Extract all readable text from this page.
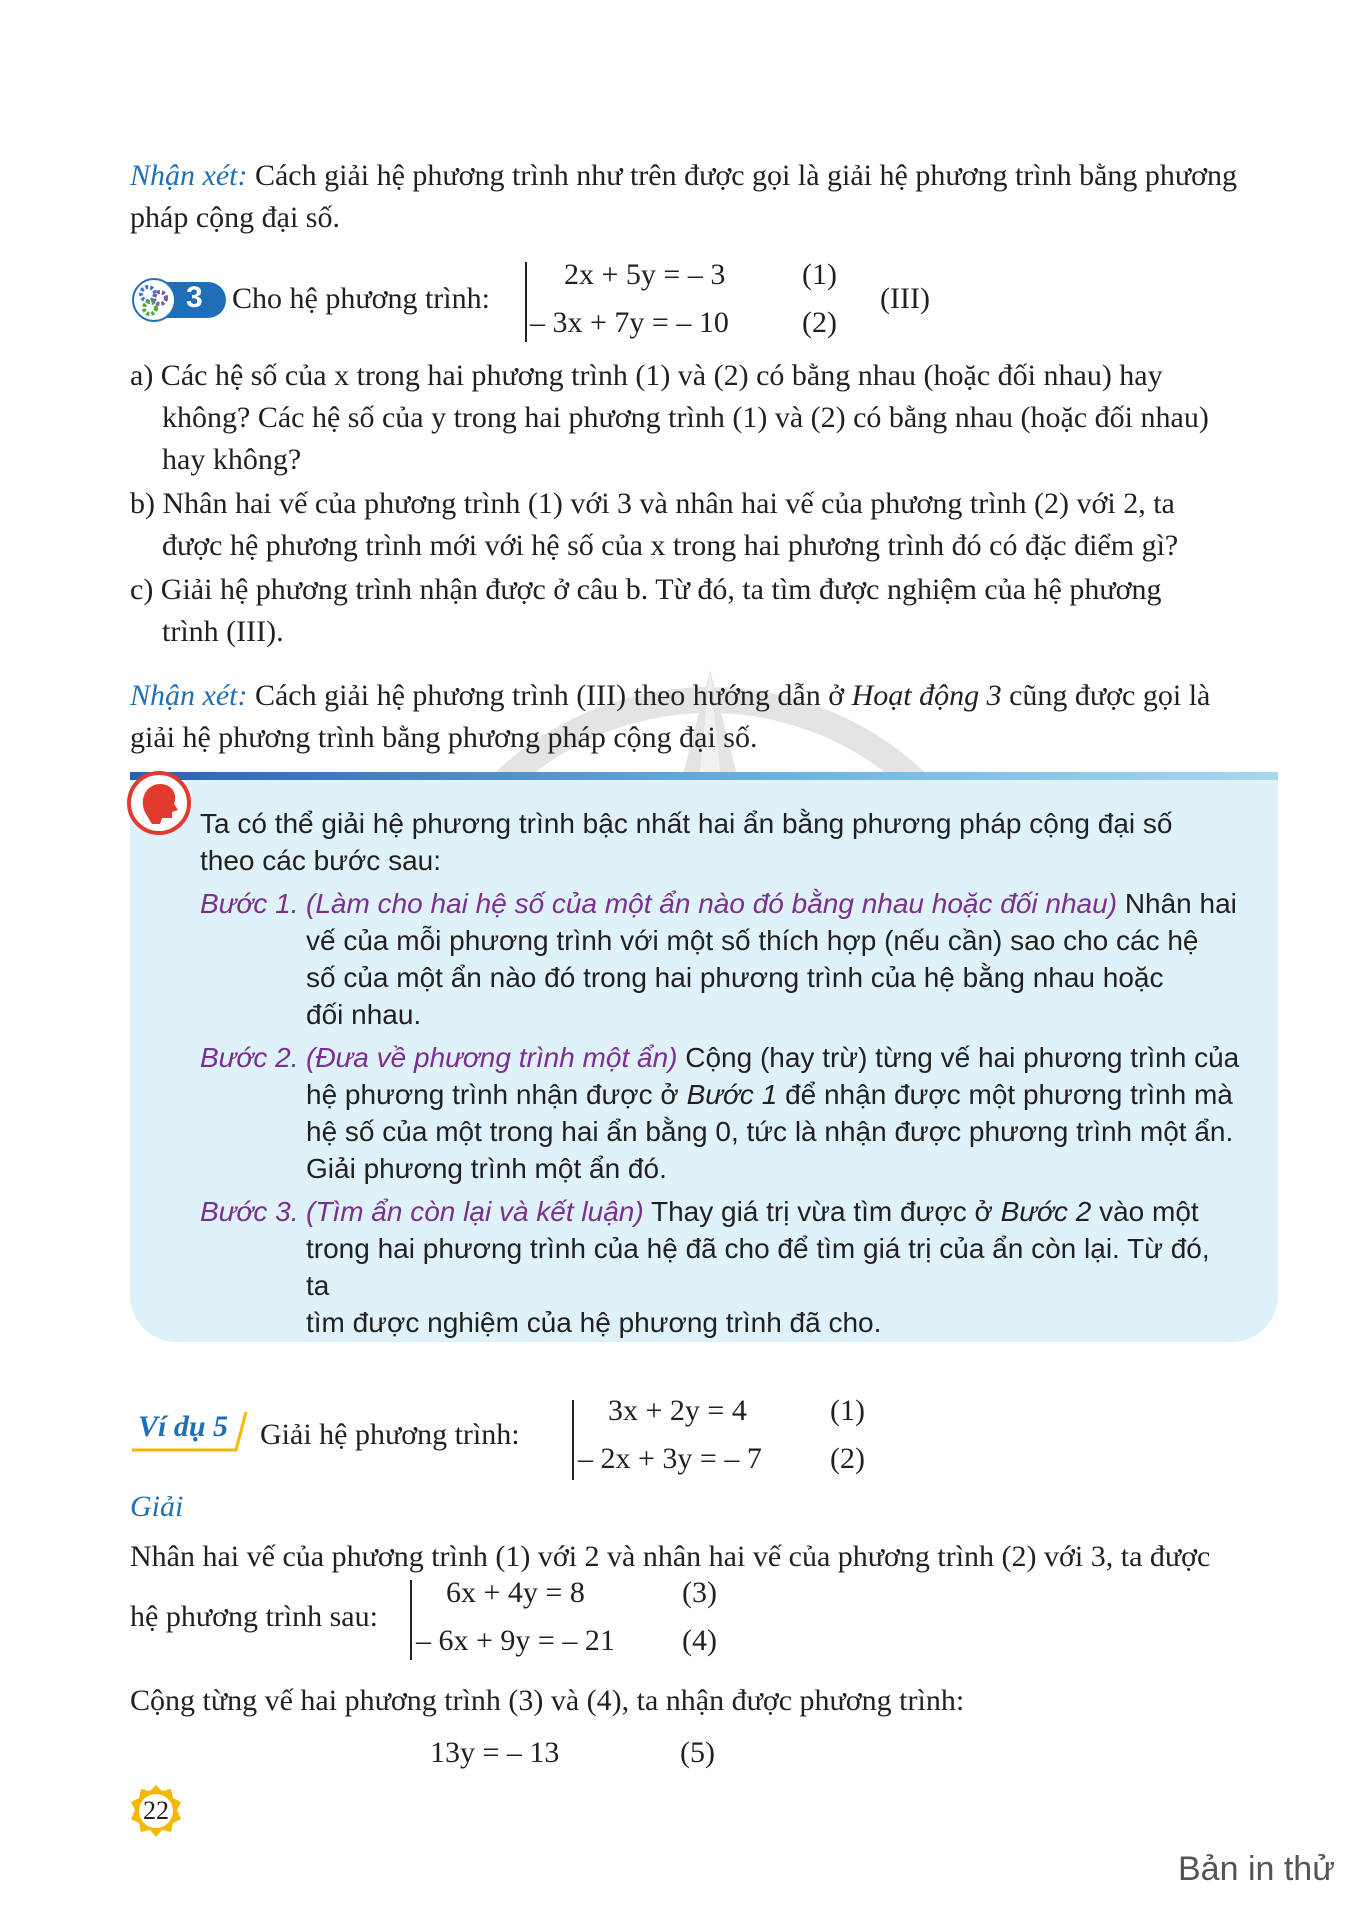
Nhận xét: Cách giải hệ phương trình như trên được gọi là giải hệ phương trình bằng phương
pháp cộng đại số.
3 Cho hệ phương trình:
2x + 5y = – 3	(1)
– 3x + 7y = – 10 (2)
(III)
a) Các hệ số của x trong hai phương trình (1) và (2) có bằng nhau (hoặc đối nhau) hay
không? Các hệ số của y trong hai phương trình (1) và (2) có bằng nhau (hoặc đối nhau)
hay không?
b) Nhân hai vế của phương trình (1) với 3 và nhân hai vế của phương trình (2) với 2, ta
được hệ phương trình mới với hệ số của x trong hai phương trình đó có đặc điểm gì?
c) Giải hệ phương trình nhận được ở câu b. Từ đó, ta tìm được nghiệm của hệ phương
trình (III).
Nhận xét: Cách giải hệ phương trình (III) theo hướng dẫn ở Hoạt động 3 cũng được gọi là
giải hệ phương trình bằng phương pháp cộng đại số.
Ta có thể giải hệ phương trình bậc nhất hai ẩn bằng phương pháp cộng đại số
theo các bước sau:
Bước 1. (Làm cho hai hệ số của một ẩn nào đó bằng nhau hoặc đối nhau) Nhân hai
vế của mỗi phương trình với một số thích hợp (nếu cần) sao cho các hệ
số của một ẩn nào đó trong hai phương trình của hệ bằng nhau hoặc
đối nhau.
Bước 2. (Đưa về phương trình một ẩn) Cộng (hay trừ) từng vế hai phương trình của
hệ phương trình nhận được ở Bước 1 để nhận được một phương trình mà
hệ số của một trong hai ẩn bằng 0, tức là nhận được phương trình một ẩn.
Giải phương trình một ẩn đó.
Bước 3. (Tìm ẩn còn lại và kết luận) Thay giá trị vừa tìm được ở Bước 2 vào một
trong hai phương trình của hệ đã cho để tìm giá trị của ẩn còn lại. Từ đó, ta
tìm được nghiệm của hệ phương trình đã cho.
Ví dụ 5 Giải hệ phương trình:
3x + 2y = 4	(1)
– 2x + 3y = – 7 (2)
Giải
Nhân hai vế của phương trình (1) với 2 và nhân hai vế của phương trình (2) với 3, ta được
hệ phương trình sau:
6x + 4y = 8	(3)
– 6x + 9y = – 21 (4)
Cộng từng vế hai phương trình (3) và (4), ta nhận được phương trình:
13y = – 13	(5)
22
Bản in thử
